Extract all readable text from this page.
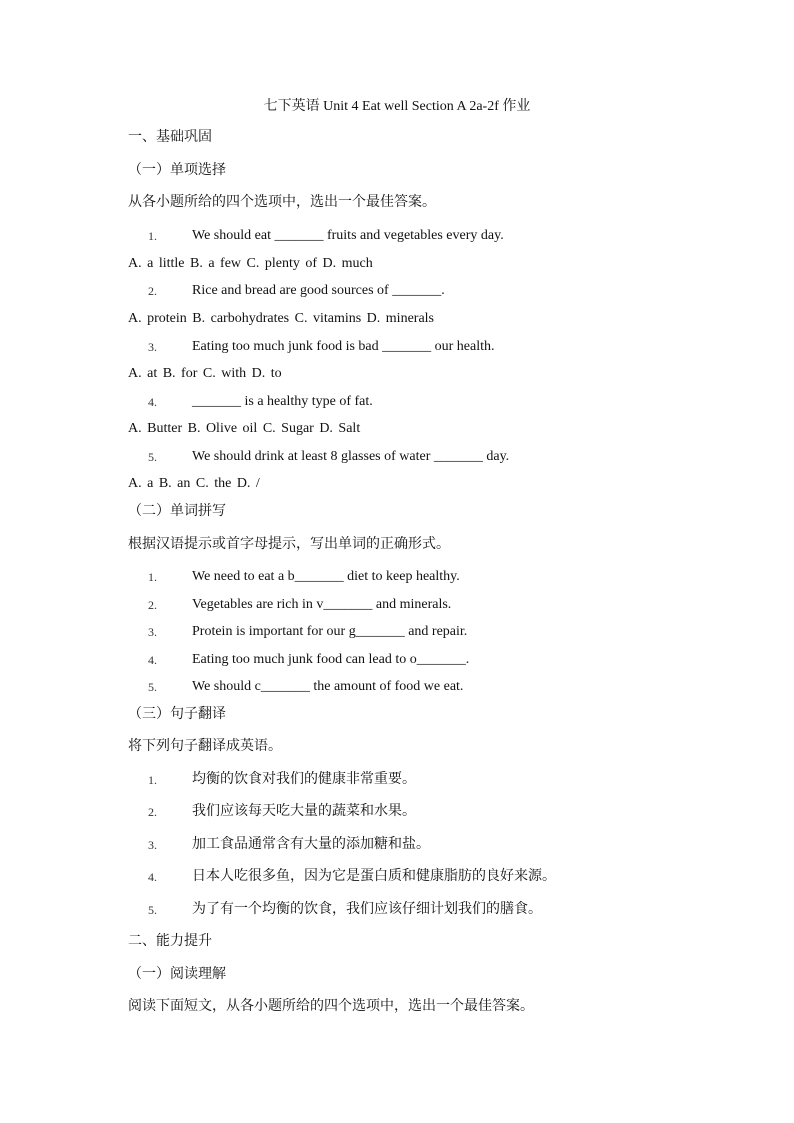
七下英语 Unit 4 Eat well Section A 2a-2f 作业
一、基础巩固
（一）单项选择
从各小题所给的四个选项中，选出一个最佳答案。
1.	We should eat _______ fruits and vegetables every day.
A. a little B. a few C. plenty of D. much
2.	Rice and bread are good sources of _______.
A. protein B. carbohydrates C. vitamins D. minerals
3.	Eating too much junk food is bad _______ our health.
A. at B. for C. with D. to
4.	_______ is a healthy type of fat.
A. Butter B. Olive oil C. Sugar D. Salt
5.	We should drink at least 8 glasses of water _______ day.
A. a B. an C. the D. /
（二）单词拼写
根据汉语提示或首字母提示，写出单词的正确形式。
1.	We need to eat a b_______ diet to keep healthy.
2.	Vegetables are rich in v_______ and minerals.
3.	Protein is important for our g_______ and repair.
4.	Eating too much junk food can lead to o_______.
5.	We should c_______ the amount of food we eat.
（三）句子翻译
将下列句子翻译成英语。
1.	均衡的饮食对我们的健康非常重要。
2.	我们应该每天吃大量的蔬菜和水果。
3.	加工食品通常含有大量的添加糖和盐。
4.	日本人吃很多鱼，因为它是蛋白质和健康脂肪的良好来源。
5.	为了有一个均衡的饮食，我们应该仔细计划我们的膳食。
二、能力提升
（一）阅读理解
阅读下面短文，从各小题所给的四个选项中，选出一个最佳答案。
